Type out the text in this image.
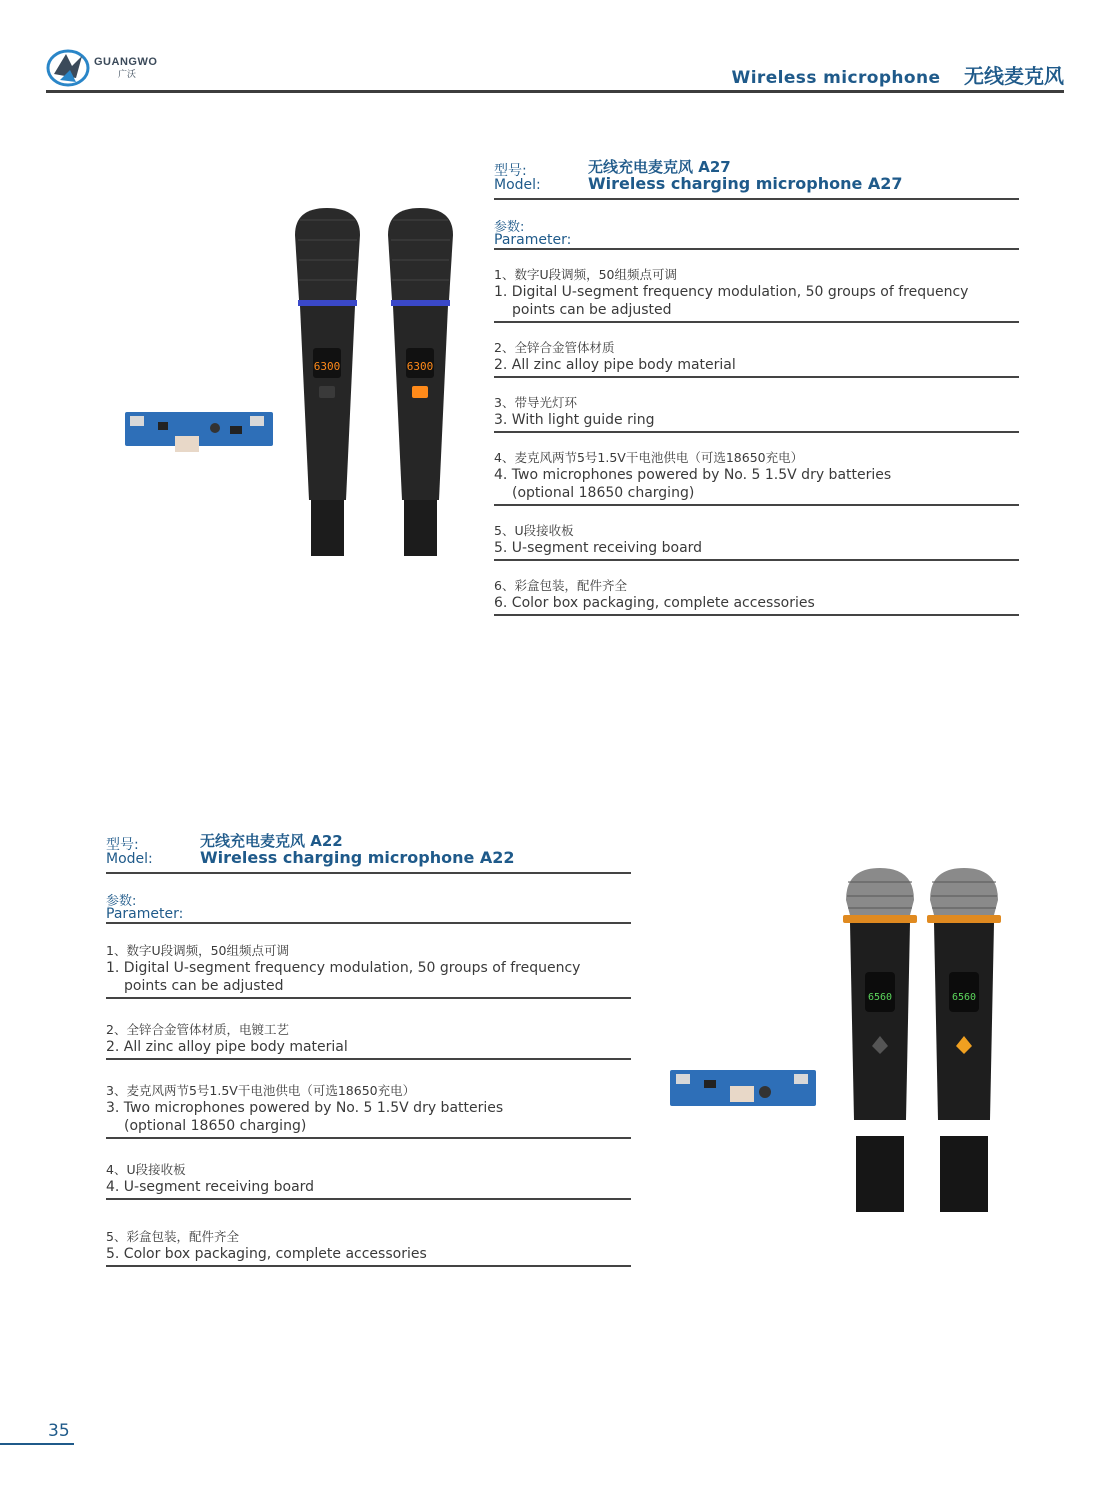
GUANGWO
广沃	Wireless microphone 无线麦克风
6300	6300
型号:
Model:
无线充电麦克风 A27
Wireless charging microphone A27
参数:
Parameter:
1、数字U段调频，50组频点可调
1. Digital U-segment frequency modulation, 50 groups of frequency
points can be adjusted
2、全锌合金管体材质
2. All zinc alloy pipe body material
3、带导光灯环
3. With light guide ring
4、麦克风两节5号1.5V干电池供电（可选18650充电）
4. Two microphones powered by No. 5 1.5V dry batteries
(optional 18650 charging)
5、U段接收板
5. U-segment receiving board
6、彩盒包装，配件齐全
6. Color box packaging, complete accessories
型号:
Model:
无线充电麦克风 A22
Wireless charging microphone A22
参数:
Parameter:
1、数字U段调频，50组频点可调
1. Digital U-segment frequency modulation, 50 groups of frequency
points can be adjusted
2、全锌合金管体材质，电镀工艺
2. All zinc alloy pipe body material
3、麦克风两节5号1.5V干电池供电（可选18650充电）
3. Two microphones powered by No. 5 1.5V dry batteries
(optional 18650 charging)
4、U段接收板
4. U-segment receiving board
5、彩盒包装，配件齐全
5. Color box packaging, complete accessories
6560	6560
35
